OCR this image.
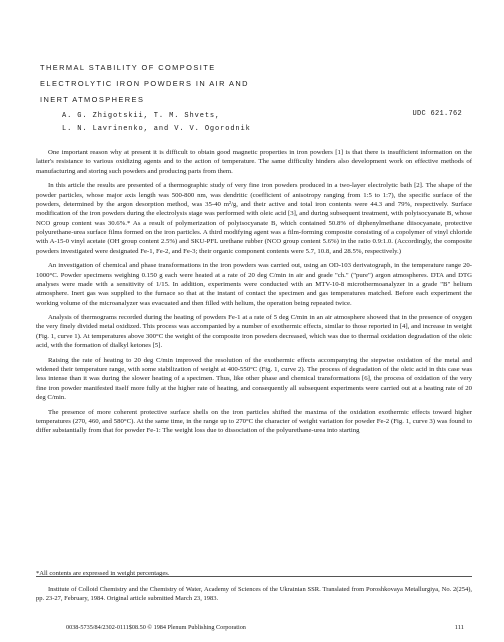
THERMAL STABILITY OF COMPOSITE
ELECTROLYTIC IRON POWDERS IN AIR AND
INERT ATMOSPHERES
A. G. Zhigotskii, T. M. Shvets,
L. N. Lavrinenko, and V. V. Ogorodnik
UDC 621.762

One important reason why at present it is difficult to obtain good magnetic properties in iron powders [1] is that there is insufficient information on the latter's resistance to various oxidizing agents and to the action of temperature. The same difficulty hinders also development work on effective methods of manufacturing and storing such powders and producing parts from them.

In this article the results are presented of a thermographic study of very fine iron powders produced in a two-layer electrolytic bath [2]. The shape of the powder particles, whose major axis length was 500-800 nm, was dendritic (coefficient of anisotropy ranging from 1:5 to 1:7), the specific surface of the powders, determined by the argon desorption method, was 35-40 m²/g, and their active and total iron contents were 44.3 and 79%, respectively. Surface modification of the iron powders during the electrolysis stage was performed with oleic acid [3], and during subsequent treatment, with polyisocyanate B, whose NCO group content was 30.6%.* As a result of polymerization of polyisocyanate B, which contained 50.8% of diphenylmethane diisocyanate, protective polyurethane-urea surface films formed on the iron particles. A third modifying agent was a film-forming composite consisting of a copolymer of vinyl chloride with A-15-0 vinyl acetate (OH group content 2.5%) and SKU-PFL urethane rubber (NCO group content 5.6%) in the ratio 0.9:1.0. (Accordingly, the composite powders investigated were designated Fe-1, Fe-2, and Fe-3; their organic component contents were 5.7, 10.8, and 28.5%, respectively.)

An investigation of chemical and phase transformations in the iron powders was carried out, using an OD-103 derivatograph, in the temperature range 20-1000°C. Powder specimens weighing 0.150 g each were heated at a rate of 20 deg C/min in air and grade "ch." ("pure") argon atmospheres. DTA and DTG analyses were made with a sensitivity of 1/15. In addition, experiments were conducted with an MTV-10-8 microthermoanalyzer in a grade "B" helium atmosphere. Inert gas was supplied to the furnace so that at the instant of contact the specimen and gas temperatures matched. Before each experiment the working volume of the microanalyzer was evacuated and then filled with helium, the operation being repeated twice.

Analysis of thermograms recorded during the heating of powders Fe-1 at a rate of 5 deg C/min in an air atmosphere showed that in the presence of oxygen the very finely divided metal oxidized. This process was accompanied by a number of exothermic effects, similar to those reported in [4], and increase in weight (Fig. 1, curve 1). At temperatures above 300°C the weight of the composite iron powders decreased, which was due to thermal oxidation degradation of the oleic acid, with the formation of dialkyl ketones [5].

Raising the rate of heating to 20 deg C/min improved the resolution of the exothermic effects accompanying the stepwise oxidation of the metal and widened their temperature range, with some stabilization of weight at 400-550°C (Fig. 1, curve 2). The process of degradation of the oleic acid in this case was less intense than it was during the slower heating of a specimen. Thus, like other phase and chemical transformations [6], the process of oxidation of the very fine iron powder manifested itself more fully at the higher rate of heating, and consequently all subsequent experiments were carried out at a heating rate of 20 deg C/min.

The presence of more coherent protective surface shells on the iron particles shifted the maxima of the oxidation exothermic effects toward higher temperatures (270, 460, and 580°C). At the same time, in the range up to 270°C the character of weight variation for powder Fe-2 (Fig. 1, curve 3) was found to differ substantially from that for powder Fe-1: The weight loss due to dissociation of the polyurethane-urea into starting

*All contents are expressed in weight percentages.

Institute of Colloid Chemistry and the Chemistry of Water, Academy of Sciences of the Ukrainian SSR. Translated from Poroshkovaya Metallurgiya, No. 2(254), pp. 23-27, February, 1984. Original article submitted March 23, 1983.

0038-5735/84/2302-0111$08.50 © 1984 Plenum Publishing Corporation	111
